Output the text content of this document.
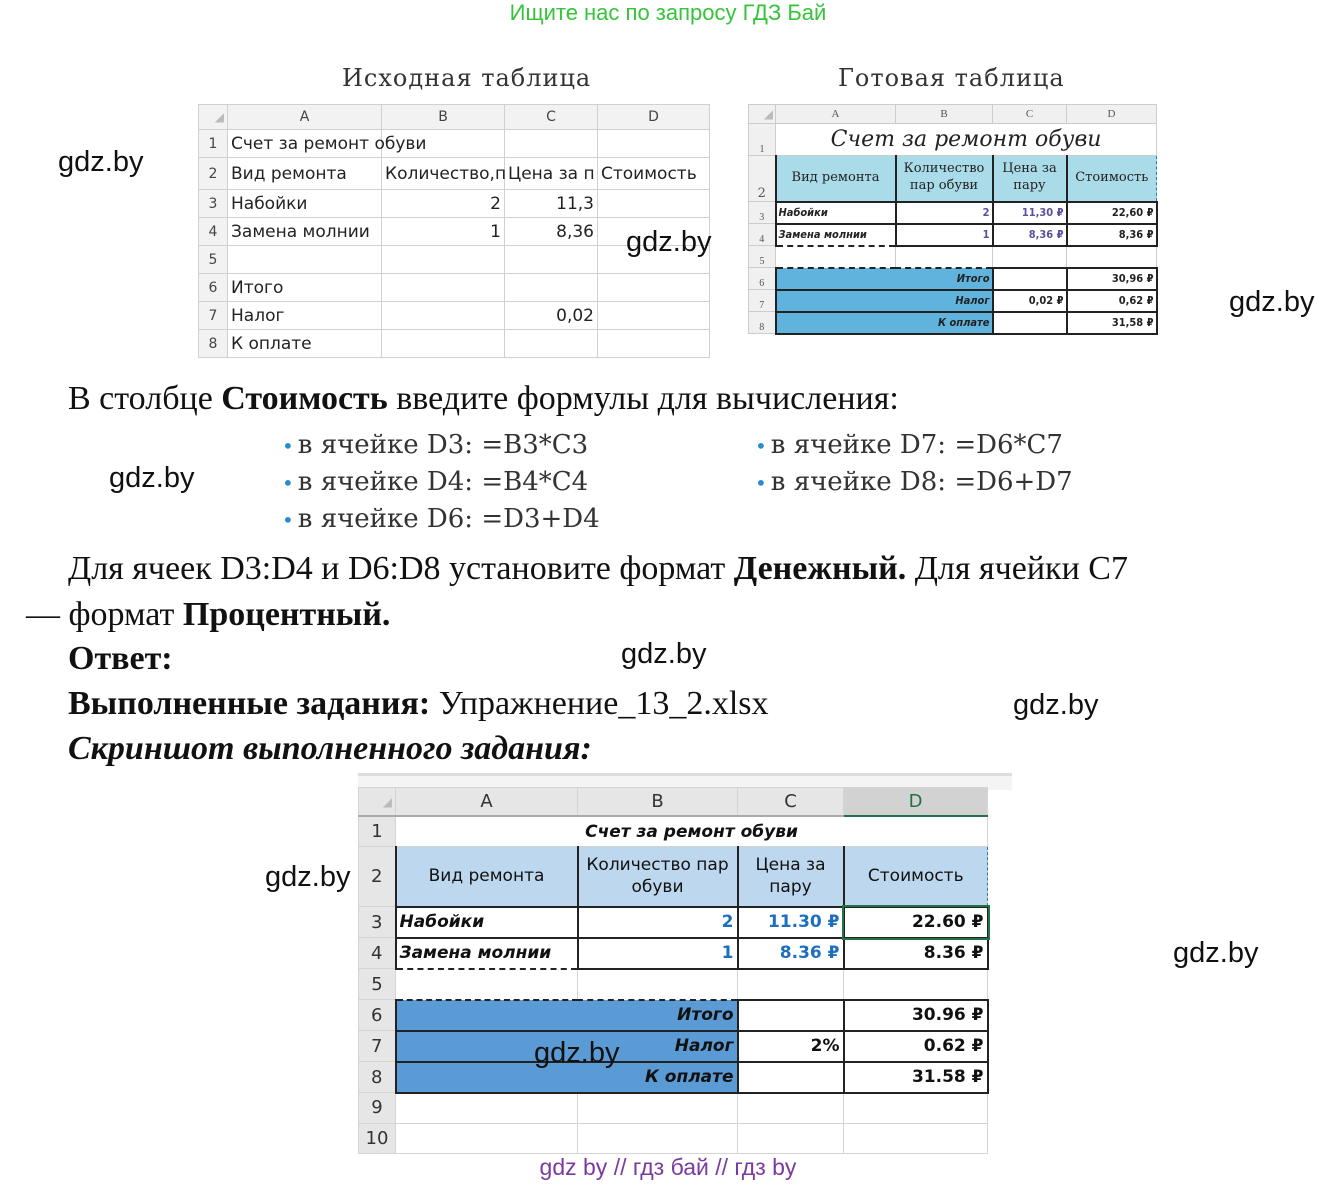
Ищите нас по запросу ГДЗ Бай
Исходная таблица	Готовая таблица
◢	A	B	C	D
1	Счет за ремонт обуви			
2	Вид ремонта	Количество,п	Цена за п	Стоимость
3	Набойки	2	11,3	
4	Замена молнии	1	8,36	
5				
6	Итого			
7	Налог		0,02	
8	К оплате			
◢	A	B	C	D
1	Счет за ремонт обуви			
2	Вид ремонта	Количество пар обуви	Цена за пару	Стоимость
3	Набойки	2	11,30 ₽	22,60 ₽
4	Замена молнии	1	8,36 ₽	8,36 ₽
5				
6	Итого			30,96 ₽
7	Налог		0,02 ₽	0,62 ₽
8	К оплате			31,58 ₽
В столбце Стоимость введите формулы для вычисления:
• в ячейке D3: =B3*C3
• в ячейке D4: =B4*C4
• в ячейке D6: =D3+D4
• в ячейке D7: =D6*C7
• в ячейке D8: =D6+D7
Для ячеек D3:D4 и D6:D8 установите формат Денежный. Для ячейки C7
— формат Процентный.
Ответ:
Выполненные задания: Упражнение_13_2.xlsx
Скриншот выполненного задания:
◢	A	B	C	D
1	Счет за ремонт обуви			
2	Вид ремонта	Количество пар обуви	Цена за пару	Стоимость
3	Набойки	2	11.30 ₽	22.60 ₽
4	Замена молнии	1	8.36 ₽	8.36 ₽
5				
6	Итого			30.96 ₽
7	Налог		2%	0.62 ₽
8	К оплате			31.58 ₽
9				
10				
gdz.by
gdz.by
gdz.by
gdz.by
gdz.by
gdz.by
gdz.by
gdz.by
gdz.by
gdz by // гдз бай // гдз by
